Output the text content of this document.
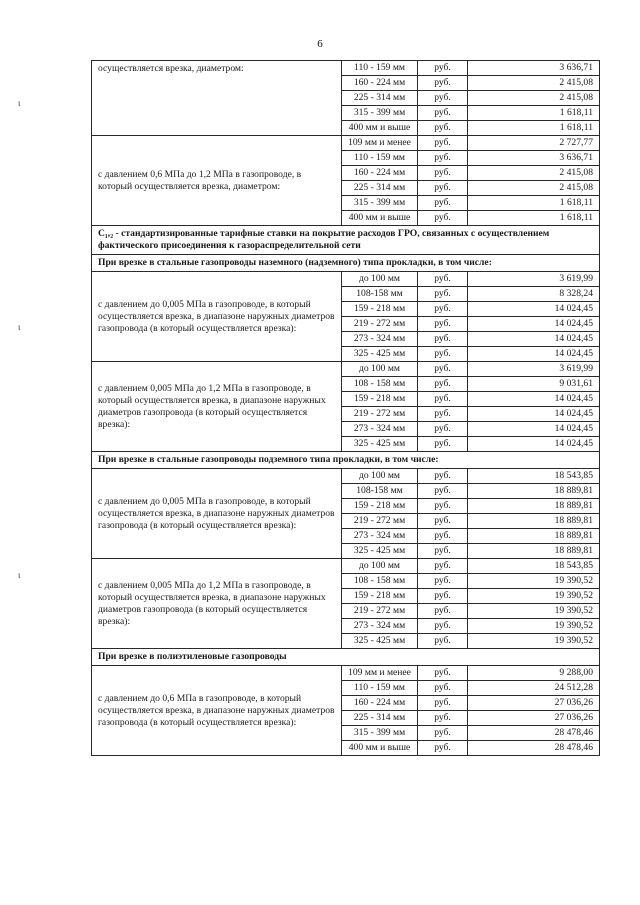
6
ɩ
ɩ
ɩ
осуществляется врезка, диаметром:	110 - 159 мм	руб.	3 636,71
	160 - 224 мм	руб.	2 415,08
	225 - 314 мм	руб.	2 415,08
	315 - 399 мм	руб.	1 618,11
	400 мм и выше	руб.	1 618,11
с давлением 0,6 МПа до 1,2 МПа в газопроводе, в который осуществляется врезка, диаметром:	109 мм и менее	руб.	2 727,77
	110 - 159 мм	руб.	3 636,71
	160 - 224 мм	руб.	2 415,08
	225 - 314 мм	руб.	2 415,08
	315 - 399 мм	руб.	1 618,11
	400 мм и выше	руб.	1 618,11
С₁,₂ - стандартизированные тарифные ставки на покрытие расходов ГРО, связанных с осуществлением фактического присоединения к газораспределительной сети			
При врезке в стальные газопроводы наземного (надземного) типа прокладки, в том числе:			
с давлением до 0,005 МПа в газопроводе, в который осуществляется врезка, в диапазоне наружных диаметров газопровода (в который осуществляется врезка):	до 100 мм	руб.	3 619,99
	108-158 мм	руб.	8 328,24
	159 - 218 мм	руб.	14 024,45
	219 - 272 мм	руб.	14 024,45
	273 - 324 мм	руб.	14 024,45
	325 - 425 мм	руб.	14 024,45
с давлением 0,005 МПа до 1,2 МПа в газопроводе, в который осуществляется врезка, в диапазоне наружных диаметров газопровода (в который осуществляется врезка):	до 100 мм	руб.	3 619,99
	108 - 158 мм	руб.	9 031,61
	159 - 218 мм	руб.	14 024,45
	219 - 272 мм	руб.	14 024,45
	273 - 324 мм	руб.	14 024,45
	325 - 425 мм	руб.	14 024,45
При врезке в стальные газопроводы подземного типа прокладки, в том числе:			
с давлением до 0,005 МПа в газопроводе, в который осуществляется врезка, в диапазоне наружных диаметров газопровода (в который осуществляется врезка):	до 100 мм	руб.	18 543,85
	108-158 мм	руб.	18 889,81
	159 - 218 мм	руб.	18 889,81
	219 - 272 мм	руб.	18 889,81
	273 - 324 мм	руб.	18 889,81
	325 - 425 мм	руб.	18 889,81
с давлением 0,005 МПа до 1,2 МПа в газопроводе, в который осуществляется врезка, в диапазоне наружных диаметров газопровода (в который осуществляется врезка):	до 100 мм	руб.	18 543,85
	108 - 158 мм	руб.	19 390,52
	159 - 218 мм	руб.	19 390,52
	219 - 272 мм	руб.	19 390,52
	273 - 324 мм	руб.	19 390,52
	325 - 425 мм	руб.	19 390,52
При врезке в полиэтиленовые газопроводы			
с давлением до 0,6 МПа в газопроводе, в который осуществляется врезка, в диапазоне наружных диаметров газопровода (в который осуществляется врезка):	109 мм и менее	руб.	9 288,00
	110 - 159 мм	руб.	24 512,28
	160 - 224 мм	руб.	27 036,26
	225 - 314 мм	руб.	27 036,26
	315 - 399 мм	руб.	28 478,46
	400 мм и выше	руб.	28 478,46
